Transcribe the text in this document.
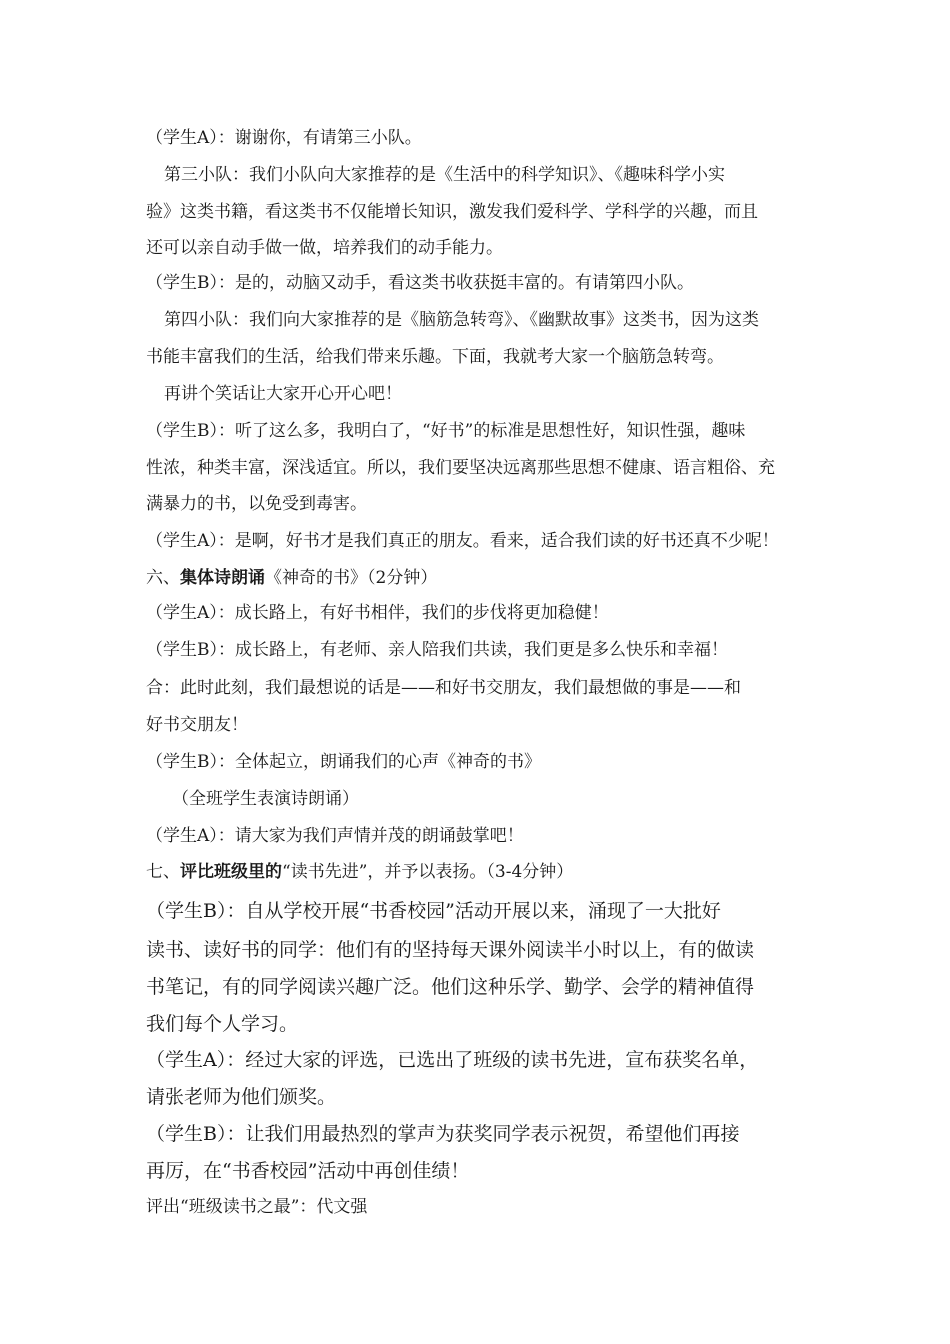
（学生A）：谢谢你，有请第三小队。
第三小队：我们小队向大家推荐的是《生活中的科学知识》、《趣味科学小实
验》这类书籍，看这类书不仅能增长知识，激发我们爱科学、学科学的兴趣，而且
还可以亲自动手做一做，培养我们的动手能力。
（学生B）：是的，动脑又动手，看这类书收获挺丰富的。有请第四小队。
第四小队：我们向大家推荐的是《脑筋急转弯》、《幽默故事》这类书，因为这类
书能丰富我们的生活，给我们带来乐趣。下面，我就考大家一个脑筋急转弯。
再讲个笑话让大家开心开心吧！
（学生B）：听了这么多，我明白了，“好书”的标准是思想性好，知识性强，趣味
性浓，种类丰富，深浅适宜。所以，我们要坚决远离那些思想不健康、语言粗俗、充
满暴力的书，以免受到毒害。
（学生A）：是啊，好书才是我们真正的朋友。看来，适合我们读的好书还真不少呢！
六、集体诗朗诵《神奇的书》（2分钟）
（学生A）：成长路上，有好书相伴，我们的步伐将更加稳健！
（学生B）：成长路上，有老师、亲人陪我们共读，我们更是多么快乐和幸福！
合：此时此刻，我们最想说的话是——和好书交朋友，我们最想做的事是——和
好书交朋友！
（学生B）：全体起立，朗诵我们的心声《神奇的书》
（全班学生表演诗朗诵）
（学生A）：请大家为我们声情并茂的朗诵鼓掌吧！
七、评比班级里的“读书先进”，并予以表扬。（3-4分钟）
（学生B）：自从学校开展“书香校园”活动开展以来，涌现了一大批好
读书、读好书的同学：他们有的坚持每天课外阅读半小时以上，有的做读
书笔记，有的同学阅读兴趣广泛。他们这种乐学、勤学、会学的精神值得
我们每个人学习。
（学生A）：经过大家的评选，已选出了班级的读书先进，宣布获奖名单，
请张老师为他们颁奖。
（学生B）：让我们用最热烈的掌声为获奖同学表示祝贺，希望他们再接
再厉，在“书香校园”活动中再创佳绩！
评出“班级读书之最”：代文强
